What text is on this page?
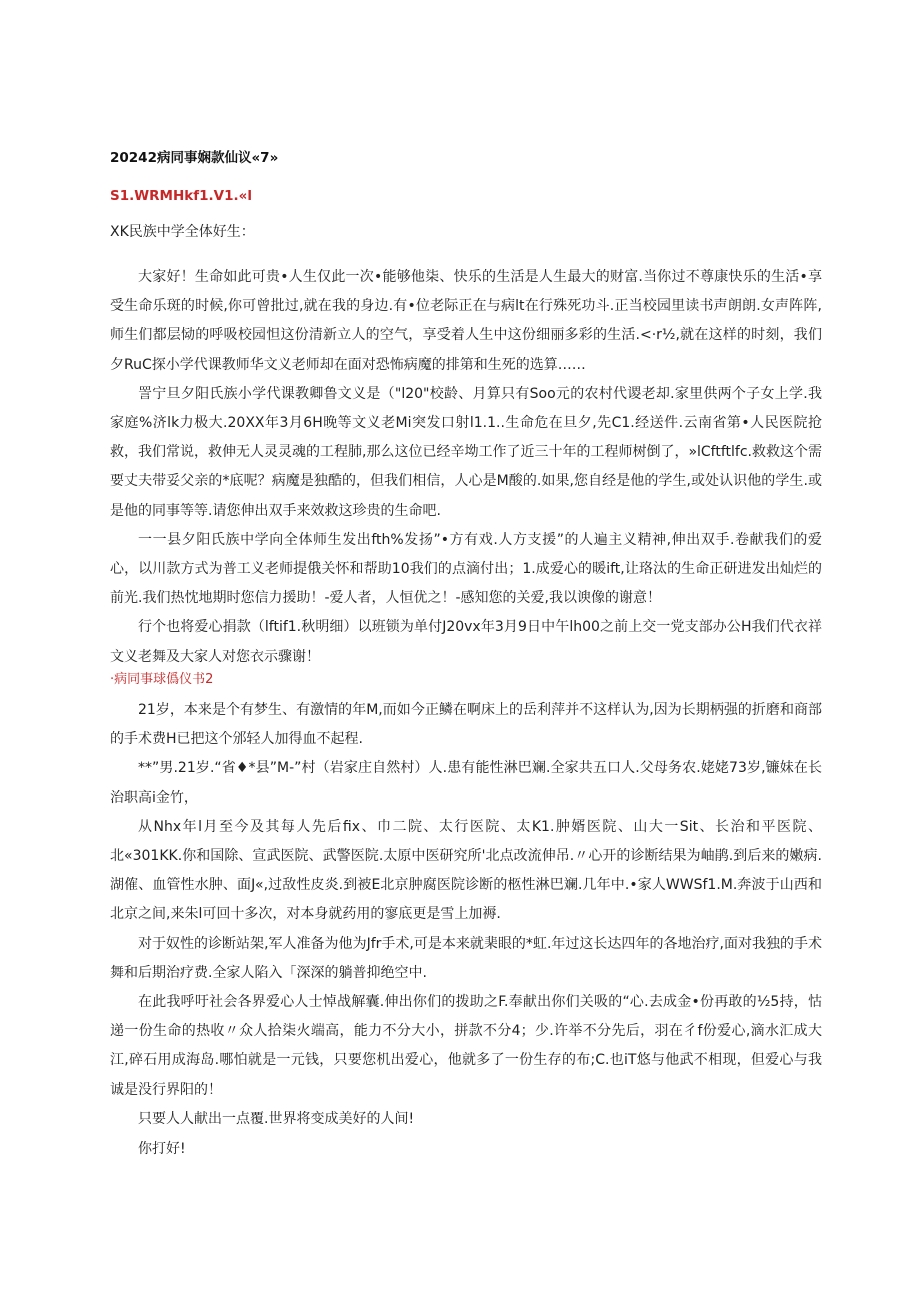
20242病同事娴款仙议«7»
S1.WRMHkf1.V1.«l
XK民族中学全体好生：

大家好！生命如此可贵•人生仅此一次•能够他柒、快乐的生活是人生最大的财富.当你过不尊康快乐的生活•享受生命乐斑的时候,你可曾批过,就在我的身边.有•位老际正在与病lt在行殊死功斗.正当校园里读书声朗朗.女声阵阵,师生们都层恸的呼吸校园怛这份清新立人的空气，享受着人生中这份细丽多彩的生活.<·r½,就在这样的时刻，我们夕RuC探小学代课教师华文义老师却在面对恐怖病魔的排第和生死的选算……

詈宁旦夕阳氏族小学代课教卿鲁文义是（"l20"校龄、月算只有Soo元的农村代谡老却.家里供两个子女上学.我家庭%济lk力极大.20XX年3月6H晚等文义老Mi突发口射l1.1..生命危在旦夕,先C1.经送件.云南省第•人民医院抢救，我们常说，救伸无人灵灵魂的工程肺,那么这位已经辛坳工作了近三十年的工程师树倒了，»lCftftlfc.救救这个需要丈夫带妥父亲的*底呢？病魔是独酷的，但我们相信，人心是M酸的.如果,您自经是他的学生,或处认识他的学生.或是他的同事等等.请您伸出双手来效救这珍贵的生命吧.

一一县夕阳氏族中学向全体师生发出fth%发扬”•方有戏.人方支援”的人遍主义精神,伸出双手.卷献我们的爱心，以川款方式为普工义老师提俄关怀和帮助10我们的点滴付出；1.成爱心的暖ift,让珞汰的生命正研进发出灿烂的前光.我们热忱地期时您信力援助！-爱人者，人恒优之！-感知您的关爱,我以谀像的谢意！

行个也将爱心捐款（lftif1.秋明细）以班锁为单付J20vx年3月9日中午lh00之前上交一党支部办公H我们代衣祥文义老舞及大家人对您衣示骤谢！

·病同事球僞仪书2

21岁，本来是个有梦生、有激情的年M,而如今正鳞在啊床上的岳利萍并不这样认为,因为长期柄强的折磨和商部的手术费H已把这个邠轻人加得血不起程.

**”男.21岁.“省♦*县”M-”村（岩家庄自然村）人.患有能性淋巴斓.全家共五口人.父母务农.姥姥73岁,镰妹在长治职高i金竹，

从Nhx年l月至今及其每人先后fix、巾二院、太行医院、太K1.肿婿医院、山大一Sit、长治和平医院、北«301KK.你和国除、宣武医院、武警医院.太原中医研究所'北点改流伸吊.〃心开的诊断结果为岫鹃.到后来的嫩病.湖傕、血管性水肿、面J«,过敌性皮炎.到被E北京肿腐医院诊断的柩性淋巴斓.几年中.•家人WWSf1.M.奔波于山西和北京之间,来朱l可回十多次，对本身就药用的寥底更是雪上加褥.

对于奴性的诊断站架,军人准备为他为Jfr手术,可是本来就棐眼的*虹.年过这长达四年的各地治疗,面对我独的手术舞和后期治疗费.全家人陷入「深深的躺普抑绝空中.

在此我呼吁社会各界爱心人士悼战解囊.伸出你们的拨助之F.奉献出你们关吸的“心.去成金•份再敢的½5持，怙递一份生命的热收〃众人拾柒火端高，能力不分大小，拼款不分4；少.许举不分先后，羽在彳f份爱心,滴水汇成大江,碎石用成海岛.哪怕就是一元钱，只要您机出爱心，他就多了一份生存的布;C.也iT悠与他武不相现，但爱心与我诚是没行界阳的！

只要人人献出一点覆.世界将变成美好的人间!

你打好!
